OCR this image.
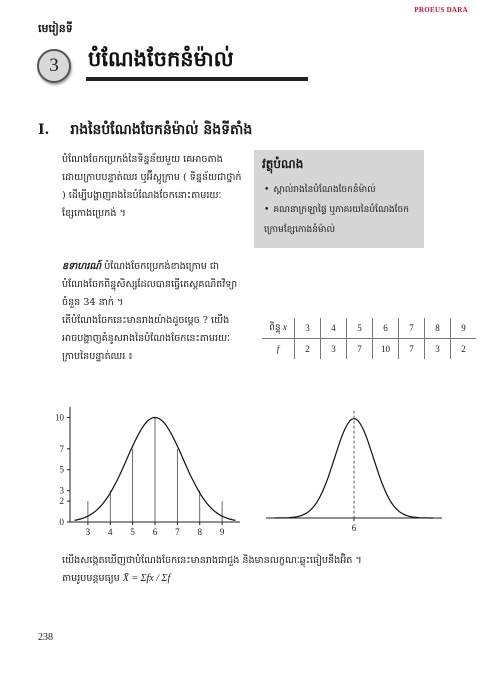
PROEUS DARA
មេរៀនទី
3	បំណែងចែកនំម៉ាល់
I. រាងនៃបំណែងចែកនំម៉ាល់ និងទីតាំង
បំណែងចែកប្រេកង់នៃទិន្នន័យមួយ គេអាចតាងដោយក្រាបបន្ទាត់ឈរ ឬអ៊ីស្តូក្រាម ( ទិន្នន័យជាថ្នាក់ ) ដើម្បីបង្ហាញរាងនៃបំណែងចែកនោះតាមរយៈខ្សែកោងប្រេកង់ ។
ឧទាហរណ៍ បំណែងចែកប្រេកង់ខាងក្រោម ជាបំណែងចែកពិន្ទុសិស្សដែលបានធ្វើតេស្តគណិតវិទ្យាចំនួន 34 នាក់ ។
តើបំណែងចែកនេះមានរាងយ៉ាងដូចម្តេច ? យើងអាចបង្ហាញគំនូសរាងនៃបំណែងចែកនេះតាមរយៈក្រាបនៃបន្ទាត់ឈរ ៖
វត្ថុបំណង
• ស្គាល់រាងនៃបំណែងចែកនំម៉ាល់
• គណនាក្រឡាផ្ទៃ ឬភាគរយនៃបំណែងចែកក្រោមខ្សែកោងនំម៉ាល់
ពិន្ទុ x	3	4	5	6	7	8	9
f	2	3	7	10	7	3	2
0
2
3
5
7
10
3 4 5 6 7 8 9	6
យើងសង្កេតឃើញថាបំណែងចែកនេះមានរាងជាជួង និងមានលក្ខណៈឆ្លុះធៀបនឹងអ៊ិត ។
តាមរូបមន្តមធ្យម X̄ = Σfx / Σf
238
